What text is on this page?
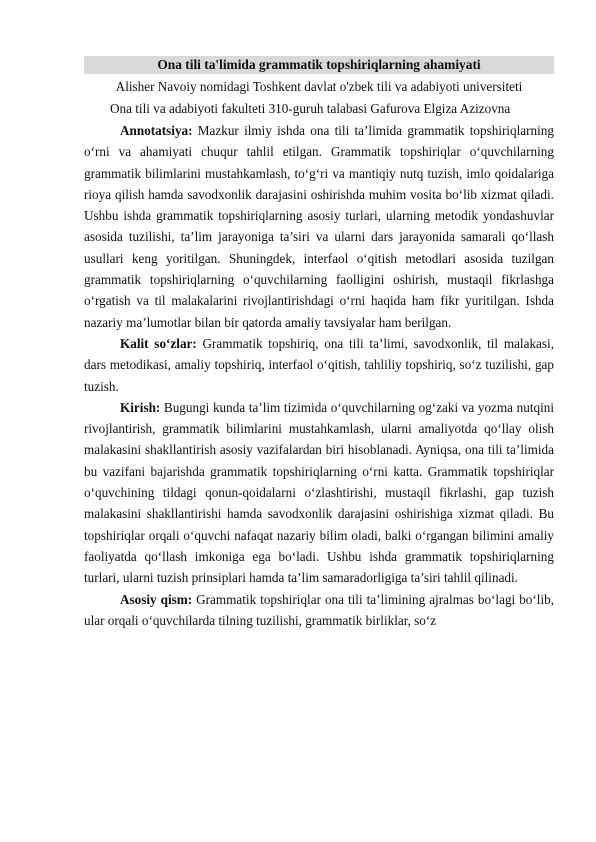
Ona tili ta'limida grammatik topshiriqlarning ahamiyati
Alisher Navoiy nomidagi Toshkent davlat o'zbek tili va adabiyoti universiteti
Ona tili va adabiyoti fakulteti 310-guruh talabasi Gafurova Elgiza Azizovna

Annotatsiya: Mazkur ilmiy ishda ona tili ta’limida grammatik topshiriqlarning o‘rni va ahamiyati chuqur tahlil etilgan. Grammatik topshiriqlar o‘quvchilarning grammatik bilimlarini mustahkamlash, to‘g‘ri va mantiqiy nutq tuzish, imlo qoidalariga rioya qilish hamda savodxonlik darajasini oshirishda muhim vosita bo‘lib xizmat qiladi. Ushbu ishda grammatik topshiriqlarning asosiy turlari, ularning metodik yondashuvlar asosida tuzilishi, ta’lim jarayoniga ta’siri va ularni dars jarayonida samarali qo‘llash usullari keng yoritilgan. Shuningdek, interfaol o‘qitish metodlari asosida tuzilgan grammatik topshiriqlarning o‘quvchilarning faolligini oshirish, mustaqil fikrlashga o‘rgatish va til malakalarini rivojlantirishdagi o‘rni haqida ham fikr yuritilgan. Ishda nazariy ma’lumotlar bilan bir qatorda amaliy tavsiyalar ham berilgan.

Kalit so‘zlar: Grammatik topshiriq, ona tili ta’limi, savodxonlik, til malakasi, dars metodikasi, amaliy topshiriq, interfaol o‘qitish, tahliliy topshiriq, so‘z tuzilishi, gap tuzish.

Kirish: Bugungi kunda ta’lim tizimida o‘quvchilarning og‘zaki va yozma nutqini rivojlantirish, grammatik bilimlarini mustahkamlash, ularni amaliyotda qo‘llay olish malakasini shakllantirish asosiy vazifalardan biri hisoblanadi. Ayniqsa, ona tili ta’limida bu vazifani bajarishda grammatik topshiriqlarning o‘rni katta. Grammatik topshiriqlar o‘quvchining tildagi qonun-qoidalarni o‘zlashtirishi, mustaqil fikrlashi, gap tuzish malakasini shakllantirishi hamda savodxonlik darajasini oshirishiga xizmat qiladi. Bu topshiriqlar orqali o‘quvchi nafaqat nazariy bilim oladi, balki o‘rgangan bilimini amaliy faoliyatda qo‘llash imkoniga ega bo‘ladi. Ushbu ishda grammatik topshiriqlarning turlari, ularni tuzish prinsiplari hamda ta’lim samaradorligiga ta’siri tahlil qilinadi.

Asosiy qism: Grammatik topshiriqlar ona tili ta’limining ajralmas bo‘lagi bo‘lib, ular orqali o‘quvchilarda tilning tuzilishi, grammatik birliklar, so‘z
